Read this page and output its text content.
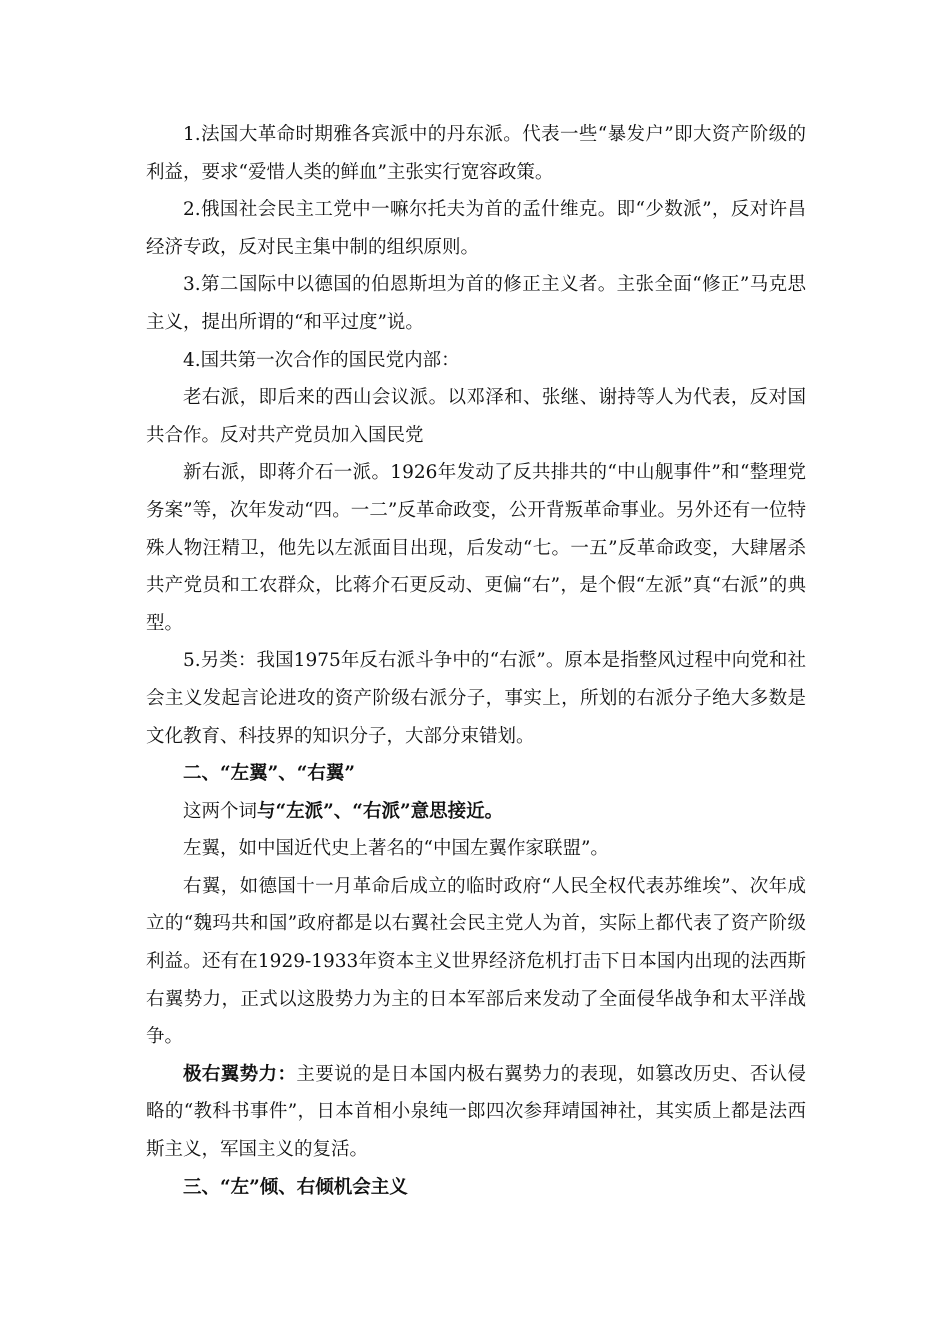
1.法国大革命时期雅各宾派中的丹东派。代表一些“暴发户”即大资产阶级的利益，要求“爱惜人类的鲜血”主张实行宽容政策。

2.俄国社会民主工党中一嘛尔托夫为首的孟什维克。即“少数派”，反对许昌经济专政，反对民主集中制的组织原则。

3.第二国际中以德国的伯恩斯坦为首的修正主义者。主张全面“修正”马克思主义，提出所谓的“和平过度”说。

4.国共第一次合作的国民党内部：

老右派，即后来的西山会议派。以邓泽和、张继、谢持等人为代表，反对国共合作。反对共产党员加入国民党

新右派，即蒋介石一派。1926年发动了反共排共的“中山舰事件”和“整理党务案”等，次年发动“四。一二”反革命政变，公开背叛革命事业。另外还有一位特殊人物汪精卫，他先以左派面目出现，后发动“七。一五”反革命政变，大肆屠杀共产党员和工农群众，比蒋介石更反动、更偏“右”，是个假“左派”真“右派”的典型。

5.另类：我国1975年反右派斗争中的“右派”。原本是指整风过程中向党和社会主义发起言论进攻的资产阶级右派分子，事实上，所划的右派分子绝大多数是文化教育、科技界的知识分子，大部分束错划。

二、“左翼”、“右翼”

这两个词与“左派”、“右派”意思接近。

左翼，如中国近代史上著名的“中国左翼作家联盟”。

右翼，如德国十一月革命后成立的临时政府“人民全权代表苏维埃”、次年成立的“魏玛共和国”政府都是以右翼社会民主党人为首，实际上都代表了资产阶级利益。还有在1929-1933年资本主义世界经济危机打击下日本国内出现的法西斯右翼势力，正式以这股势力为主的日本军部后来发动了全面侵华战争和太平洋战争。

极右翼势力：主要说的是日本国内极右翼势力的表现，如篡改历史、否认侵略的“教科书事件”，日本首相小泉纯一郎四次参拜靖国神社，其实质上都是法西斯主义，军国主义的复活。

三、“左”倾、右倾机会主义
